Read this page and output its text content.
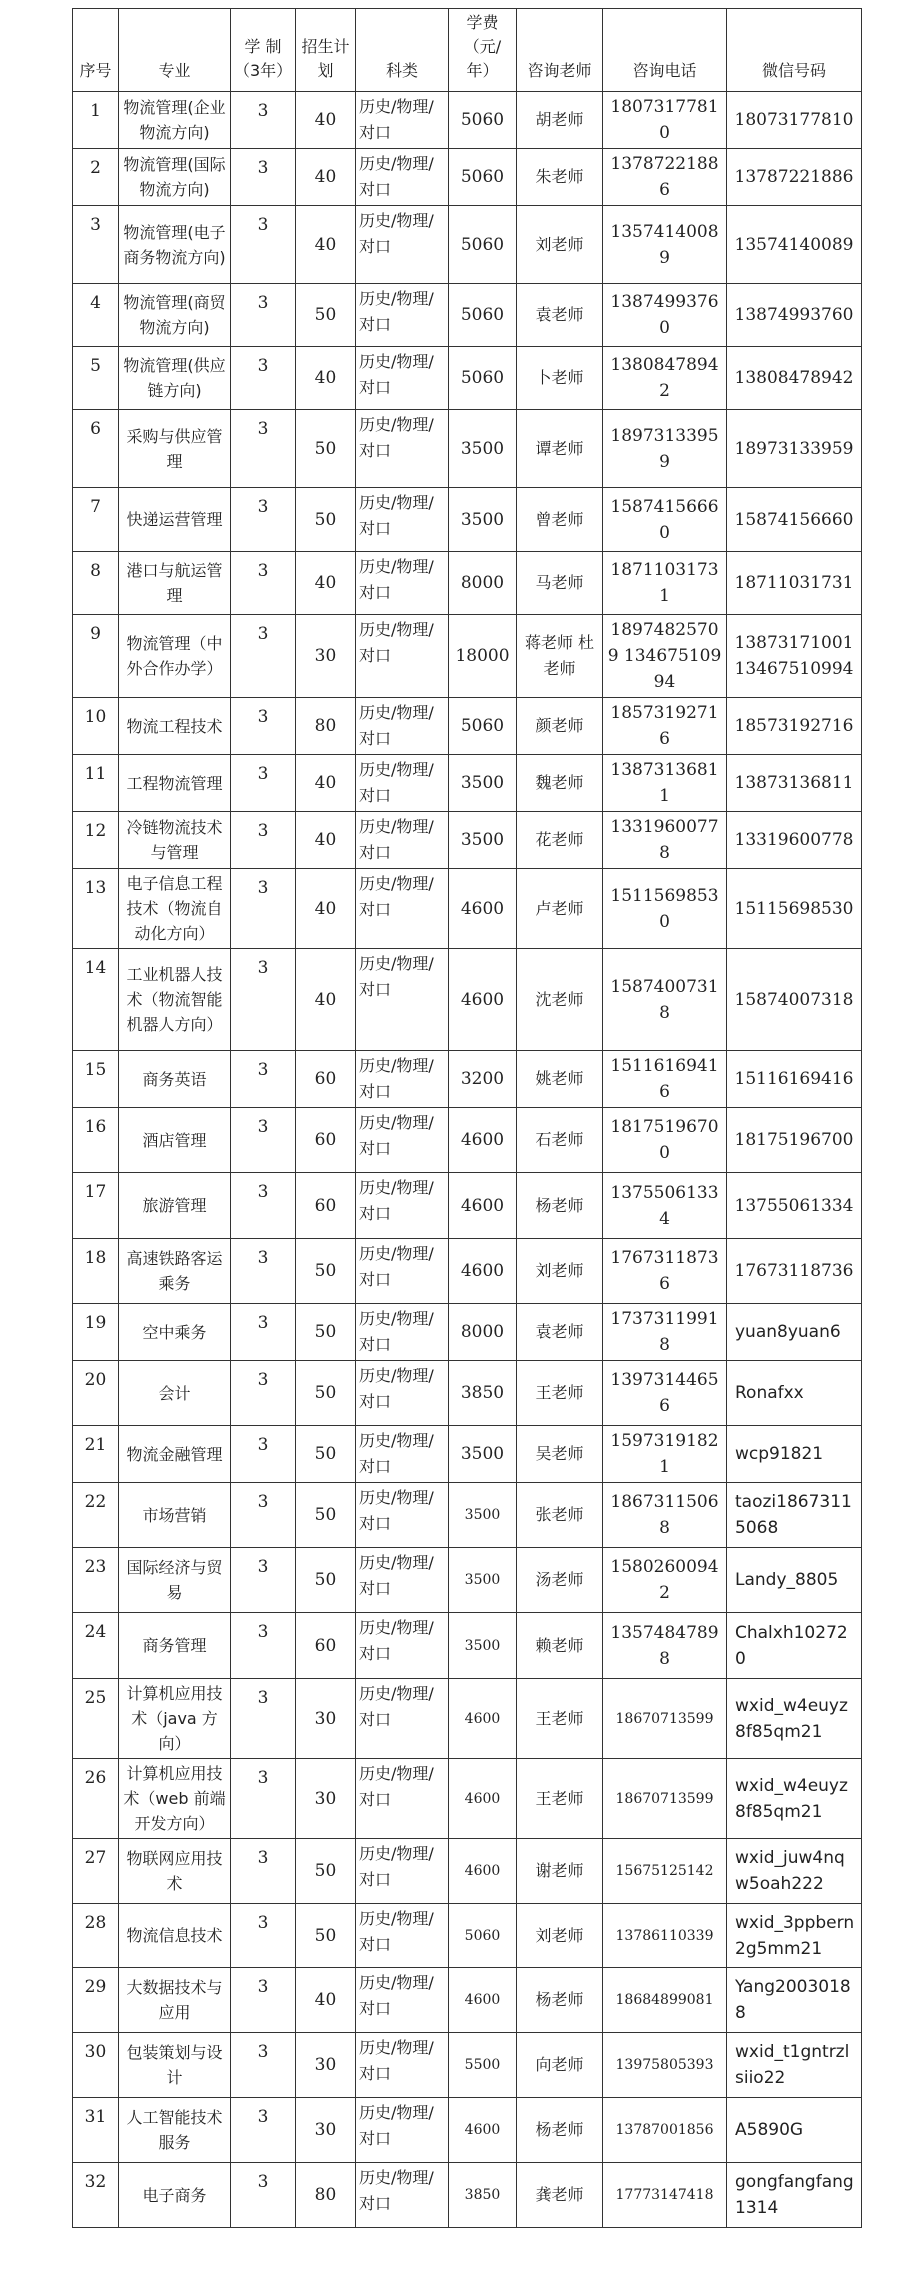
序号	专业	学 制（3年）	招生计划	科类	学费（元/年）	咨询老师	咨询电话	微信号码
1	物流管理(企业物流方向)	3	40	历史/物理/对口	5060	胡老师	18073177810	18073177810
2	物流管理(国际物流方向)	3	40	历史/物理/对口	5060	朱老师	13787221886	13787221886
3	物流管理(电子商务物流方向)	3	40	历史/物理/对口	5060	刘老师	13574140089	13574140089
4	物流管理(商贸物流方向)	3	50	历史/物理/对口	5060	袁老师	13874993760	13874993760
5	物流管理(供应链方向)	3	40	历史/物理/对口	5060	卜老师	13808478942	13808478942
6	采购与供应管理	3	50	历史/物理/对口	3500	谭老师	18973133959	18973133959
7	快递运营管理	3	50	历史/物理/对口	3500	曾老师	15874156660	15874156660
8	港口与航运管理	3	40	历史/物理/对口	8000	马老师	18711031731	18711031731
9	物流管理（中外合作办学）	3	30	历史/物理/对口	18000	蒋老师 杜老师	18974825709 13467510994	13873171001 13467510994
10	物流工程技术	3	80	历史/物理/对口	5060	颜老师	18573192716	18573192716
11	工程物流管理	3	40	历史/物理/对口	3500	魏老师	13873136811	13873136811
12	冷链物流技术与管理	3	40	历史/物理/对口	3500	花老师	13319600778	13319600778
13	电子信息工程技术（物流自动化方向）	3	40	历史/物理/对口	4600	卢老师	15115698530	15115698530
14	工业机器人技术（物流智能机器人方向）	3	40	历史/物理/对口	4600	沈老师	15874007318	15874007318
15	商务英语	3	60	历史/物理/对口	3200	姚老师	15116169416	15116169416
16	酒店管理	3	60	历史/物理/对口	4600	石老师	18175196700	18175196700
17	旅游管理	3	60	历史/物理/对口	4600	杨老师	13755061334	13755061334
18	高速铁路客运乘务	3	50	历史/物理/对口	4600	刘老师	17673118736	17673118736
19	空中乘务	3	50	历史/物理/对口	8000	袁老师	17373119918	yuan8yuan6
20	会计	3	50	历史/物理/对口	3850	王老师	13973144656	Ronafxx
21	物流金融管理	3	50	历史/物理/对口	3500	吴老师	15973191821	wcp91821
22	市场营销	3	50	历史/物理/对口	3500	张老师	18673115068	taozi18673115068
23	国际经济与贸易	3	50	历史/物理/对口	3500	汤老师	15802600942	Landy_8805
24	商务管理	3	60	历史/物理/对口	3500	赖老师	13574847898	Chalxh102720
25	计算机应用技术（java 方向）	3	30	历史/物理/对口	4600	王老师	18670713599	wxid_w4euyz8f85qm21
26	计算机应用技术（web 前端开发方向）	3	30	历史/物理/对口	4600	王老师	18670713599	wxid_w4euyz8f85qm21
27	物联网应用技术	3	50	历史/物理/对口	4600	谢老师	15675125142	wxid_juw4nqw5oah222
28	物流信息技术	3	50	历史/物理/对口	5060	刘老师	13786110339	wxid_3ppbern2g5mm21
29	大数据技术与应用	3	40	历史/物理/对口	4600	杨老师	18684899081	Yang20030188
30	包装策划与设计	3	30	历史/物理/对口	5500	向老师	13975805393	wxid_t1gntrzlsiio22
31	人工智能技术服务	3	30	历史/物理/对口	4600	杨老师	13787001856	A5890G
32	电子商务	3	80	历史/物理/对口	3850	龚老师	17773147418	gongfangfang1314
